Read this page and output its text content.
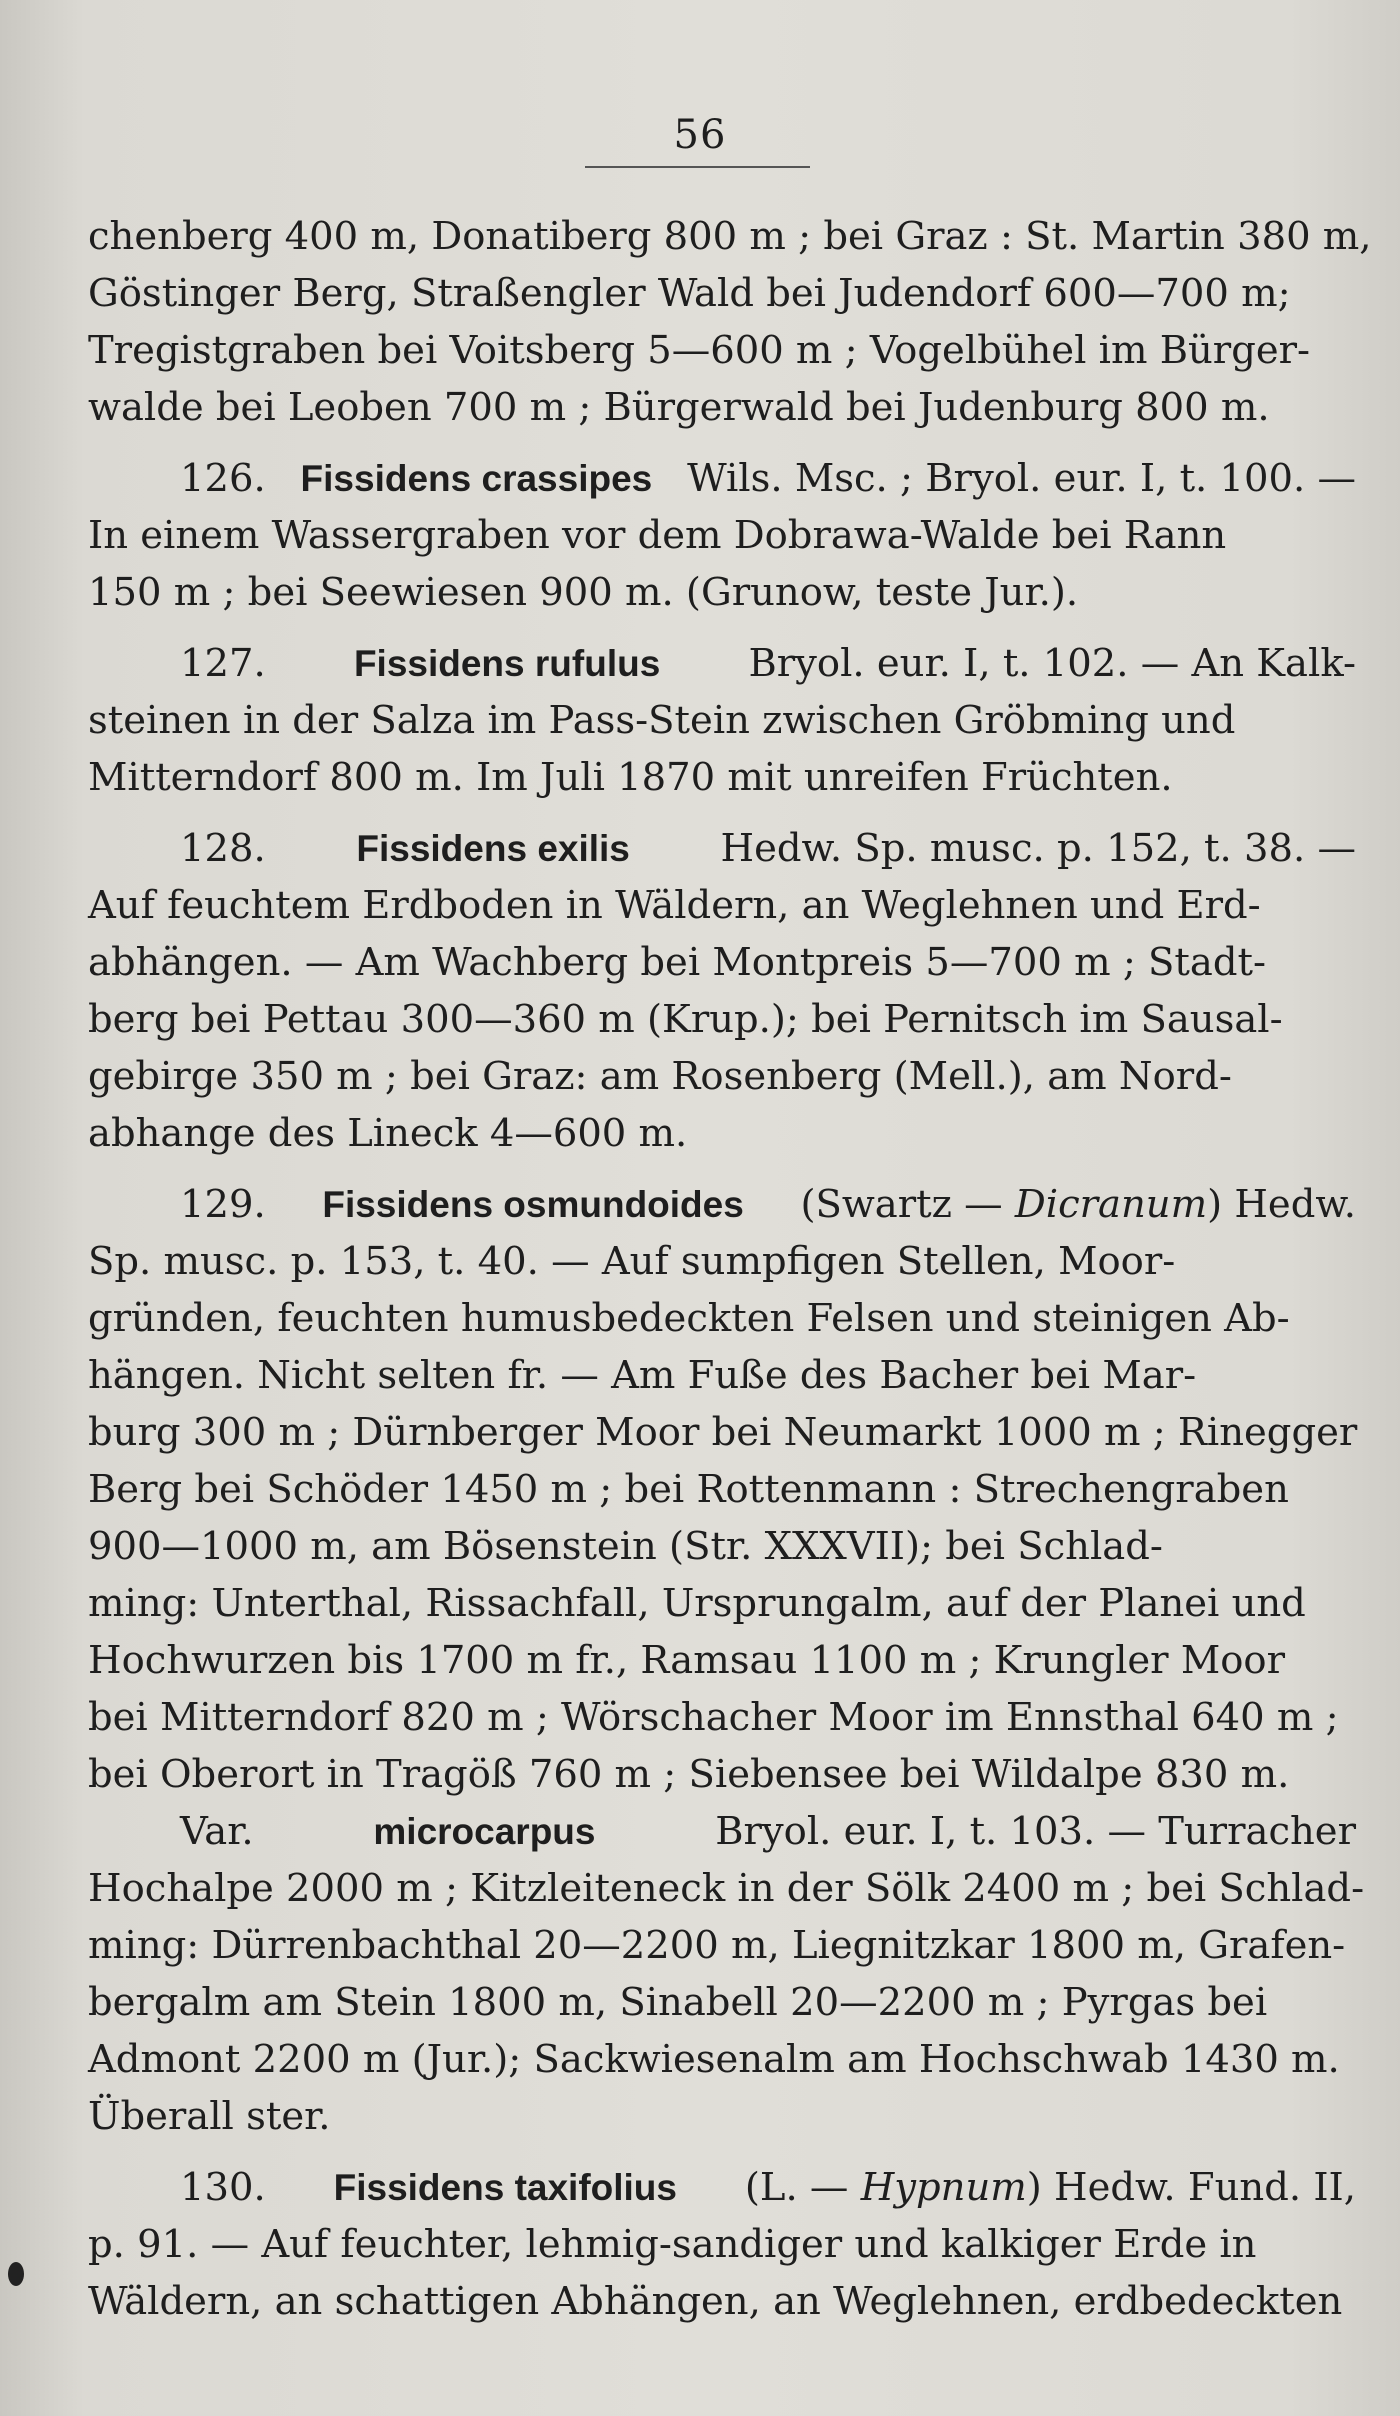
56
chenberg 400 m, Donatiberg 800 m ; bei Graz : St. Martin 380 m,
Göstinger Berg, Straßengler Wald bei Judendorf 600—700 m;
Tregistgraben bei Voitsberg 5—600 m ; Vogelbühel im Bürger-
walde bei Leoben 700 m ; Bürgerwald bei Judenburg 800 m.
126. Fissidens crassipes Wils. Msc. ; Bryol. eur. I, t. 100. —
In einem Wassergraben vor dem Dobrawa-Walde bei Rann
150 m ; bei Seewiesen 900 m. (Grunow, teste Jur.).
127. Fissidens rufulus Bryol. eur. I, t. 102. — An Kalk-
steinen in der Salza im Pass-Stein zwischen Gröbming und
Mitterndorf 800 m. Im Juli 1870 mit unreifen Früchten.
128. Fissidens exilis Hedw. Sp. musc. p. 152, t. 38. —
Auf feuchtem Erdboden in Wäldern, an Weglehnen und Erd-
abhängen. — Am Wachberg bei Montpreis 5—700 m ; Stadt-
berg bei Pettau 300—360 m (Krup.); bei Pernitsch im Sausal-
gebirge 350 m ; bei Graz: am Rosenberg (Mell.), am Nord-
abhange des Lineck 4—600 m.
129. Fissidens osmundoides (Swartz — Dicranum) Hedw.
Sp. musc. p. 153, t. 40. — Auf sumpfigen Stellen, Moor-
gründen, feuchten humusbedeckten Felsen und steinigen Ab-
hängen. Nicht selten fr. — Am Fuße des Bacher bei Mar-
burg 300 m ; Dürnberger Moor bei Neumarkt 1000 m ; Rinegger
Berg bei Schöder 1450 m ; bei Rottenmann : Strechengraben
900—1000 m, am Bösenstein (Str. XXXVII); bei Schlad-
ming: Unterthal, Rissachfall, Ursprungalm, auf der Planei und
Hochwurzen bis 1700 m fr., Ramsau 1100 m ; Krungler Moor
bei Mitterndorf 820 m ; Wörschacher Moor im Ennsthal 640 m ;
bei Oberort in Tragöß 760 m ; Siebensee bei Wildalpe 830 m.
Var.	microcarpus	Bryol. eur. I, t. 103. — Turracher
Hochalpe 2000 m ; Kitzleiteneck in der Sölk 2400 m ; bei Schlad-
ming: Dürrenbachthal 20—2200 m, Liegnitzkar 1800 m, Grafen-
bergalm am Stein 1800 m, Sinabell 20—2200 m ; Pyrgas bei
Admont 2200 m (Jur.); Sackwiesenalm am Hochschwab 1430 m.
Überall ster.
130. Fissidens taxifolius (L. — Hypnum) Hedw. Fund. II,
p. 91. — Auf feuchter, lehmig-sandiger und kalkiger Erde in
Wäldern, an schattigen Abhängen, an Weglehnen, erdbedeckten
